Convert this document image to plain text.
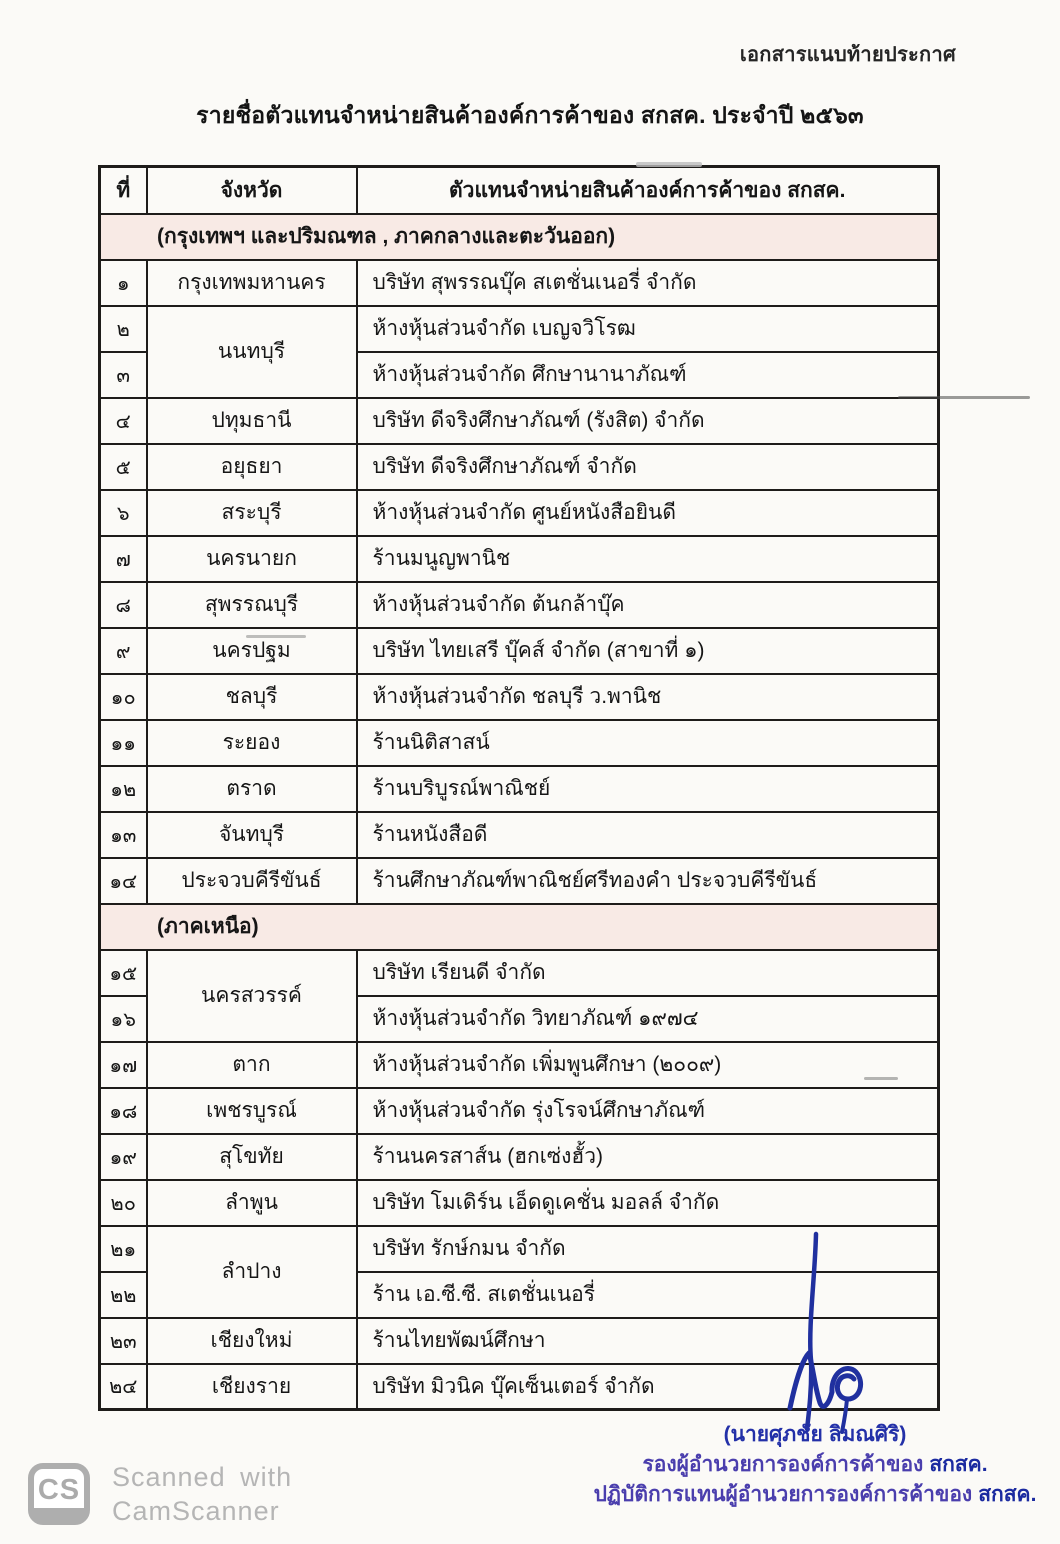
เอกสารแนบท้ายประกาศ
รายชื่อตัวแทนจำหน่ายสินค้าองค์การค้าของ สกสค. ประจำปี ๒๕๖๓
ที่	จังหวัด	ตัวแทนจำหน่ายสินค้าองค์การค้าของ สกสค.
(กรุงเทพฯ และปริมณฑล , ภาคกลางและตะวันออก)		
๑	กรุงเทพมหานคร	บริษัท สุพรรณบุ๊ค สเตชั่นเนอรี่ จำกัด
๒	นนทบุรี	ห้างหุ้นส่วนจำกัด เบญจวิโรฒ
๓		ห้างหุ้นส่วนจำกัด ศึกษานานาภัณฑ์
๔	ปทุมธานี	บริษัท ดีจริงศึกษาภัณฑ์ (รังสิต) จำกัด
๕	อยุธยา	บริษัท ดีจริงศึกษาภัณฑ์ จำกัด
๖	สระบุรี	ห้างหุ้นส่วนจำกัด ศูนย์หนังสือยินดี
๗	นครนายก	ร้านมนูญพานิช
๘	สุพรรณบุรี	ห้างหุ้นส่วนจำกัด ต้นกล้าบุ๊ค
๙	นครปฐม	บริษัท ไทยเสรี บุ๊คส์ จำกัด (สาขาที่ ๑)
๑๐	ชลบุรี	ห้างหุ้นส่วนจำกัด ชลบุรี ว.พานิช
๑๑	ระยอง	ร้านนิติสาสน์
๑๒	ตราด	ร้านบริบูรณ์พาณิชย์
๑๓	จันทบุรี	ร้านหนังสือดี
๑๔	ประจวบคีรีขันธ์	ร้านศึกษาภัณฑ์พาณิชย์ศรีทองคำ ประจวบคีรีขันธ์
(ภาคเหนือ)		
๑๕	นครสวรรค์	บริษัท เรียนดี จำกัด
๑๖		ห้างหุ้นส่วนจำกัด วิทยาภัณฑ์ ๑๙๗๔
๑๗	ตาก	ห้างหุ้นส่วนจำกัด เพิ่มพูนศึกษา (๒๐๐๙)
๑๘	เพชรบูรณ์	ห้างหุ้นส่วนจำกัด รุ่งโรจน์ศึกษาภัณฑ์
๑๙	สุโขทัย	ร้านนครสาส์น (ฮกเซ่งฮั้ว)
๒๐	ลำพูน	บริษัท โมเดิร์น เอ็ดดูเคชั่น มอลล์ จำกัด
๒๑	ลำปาง	บริษัท รักษ์กมน จำกัด
๒๒		ร้าน เอ.ซี.ซี. สเตชั่นเนอรี่
๒๓	เชียงใหม่	ร้านไทยพัฒน์ศึกษา
๒๔	เชียงราย	บริษัท มิวนิค บุ๊คเซ็นเตอร์ จำกัด
(นายศุภชัย ลิมณศิริ)
รองผู้อำนวยการองค์การค้าของ สกสค.
ปฏิบัติการแทนผู้อำนวยการองค์การค้าของ สกสค.
CS Scanned with
CamScanner
